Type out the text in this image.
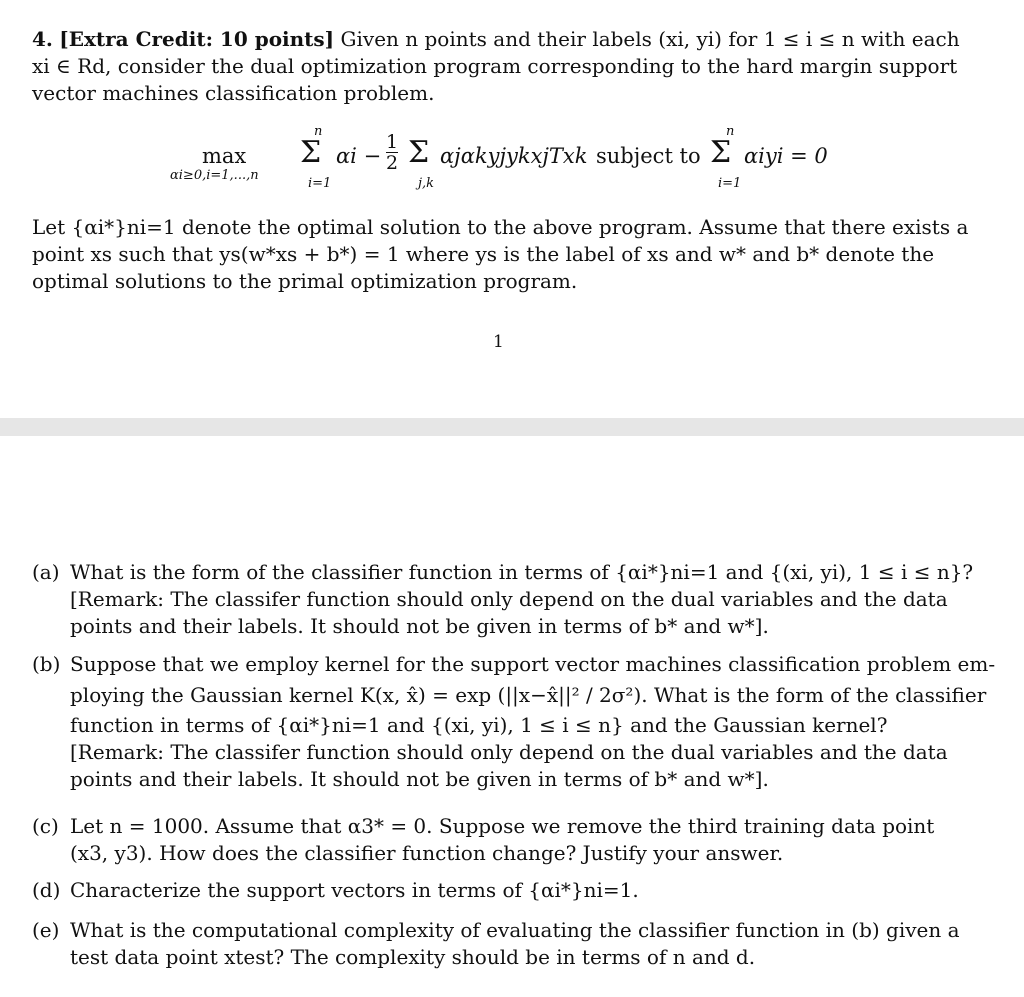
4. [Extra Credit: 10 points] Given n points and their labels (xi, yi) for 1 ≤ i ≤ n with each
xi ∈ Rd, consider the dual optimization program corresponding to the hard margin support
vector machines classification problem.
max
αi≥0,i=1,...,n
n
Σ
i=1
αi −
1
2 Σ
j,k
αjαkyjykxjTxk subject to
n
Σ
i=1
αiyi = 0
Let {αi*}ni=1 denote the optimal solution to the above program. Assume that there exists a
point xs such that ys(w*xs + b*) = 1 where ys is the label of xs and w* and b* denote the
optimal solutions to the primal optimization program.
1
(a) What is the form of the classifier function in terms of {αi*}ni=1 and {(xi, yi), 1 ≤ i ≤ n}?
[Remark: The classifer function should only depend on the dual variables and the data
points and their labels. It should not be given in terms of b* and w*].
(b) Suppose that we employ kernel for the support vector machines classification problem em-
ploying the Gaussian kernel K(x, x̂) = exp (||x−x̂||² / 2σ²). What is the form of the classifier
function in terms of {αi*}ni=1 and {(xi, yi), 1 ≤ i ≤ n} and the Gaussian kernel?
[Remark: The classifer function should only depend on the dual variables and the data
points and their labels. It should not be given in terms of b* and w*].
(c) Let n = 1000. Assume that α3* = 0. Suppose we remove the third training data point
(x3, y3). How does the classifier function change? Justify your answer.
(d) Characterize the support vectors in terms of {αi*}ni=1.
(e) What is the computational complexity of evaluating the classifier function in (b) given a
test data point xtest? The complexity should be in terms of n and d.
